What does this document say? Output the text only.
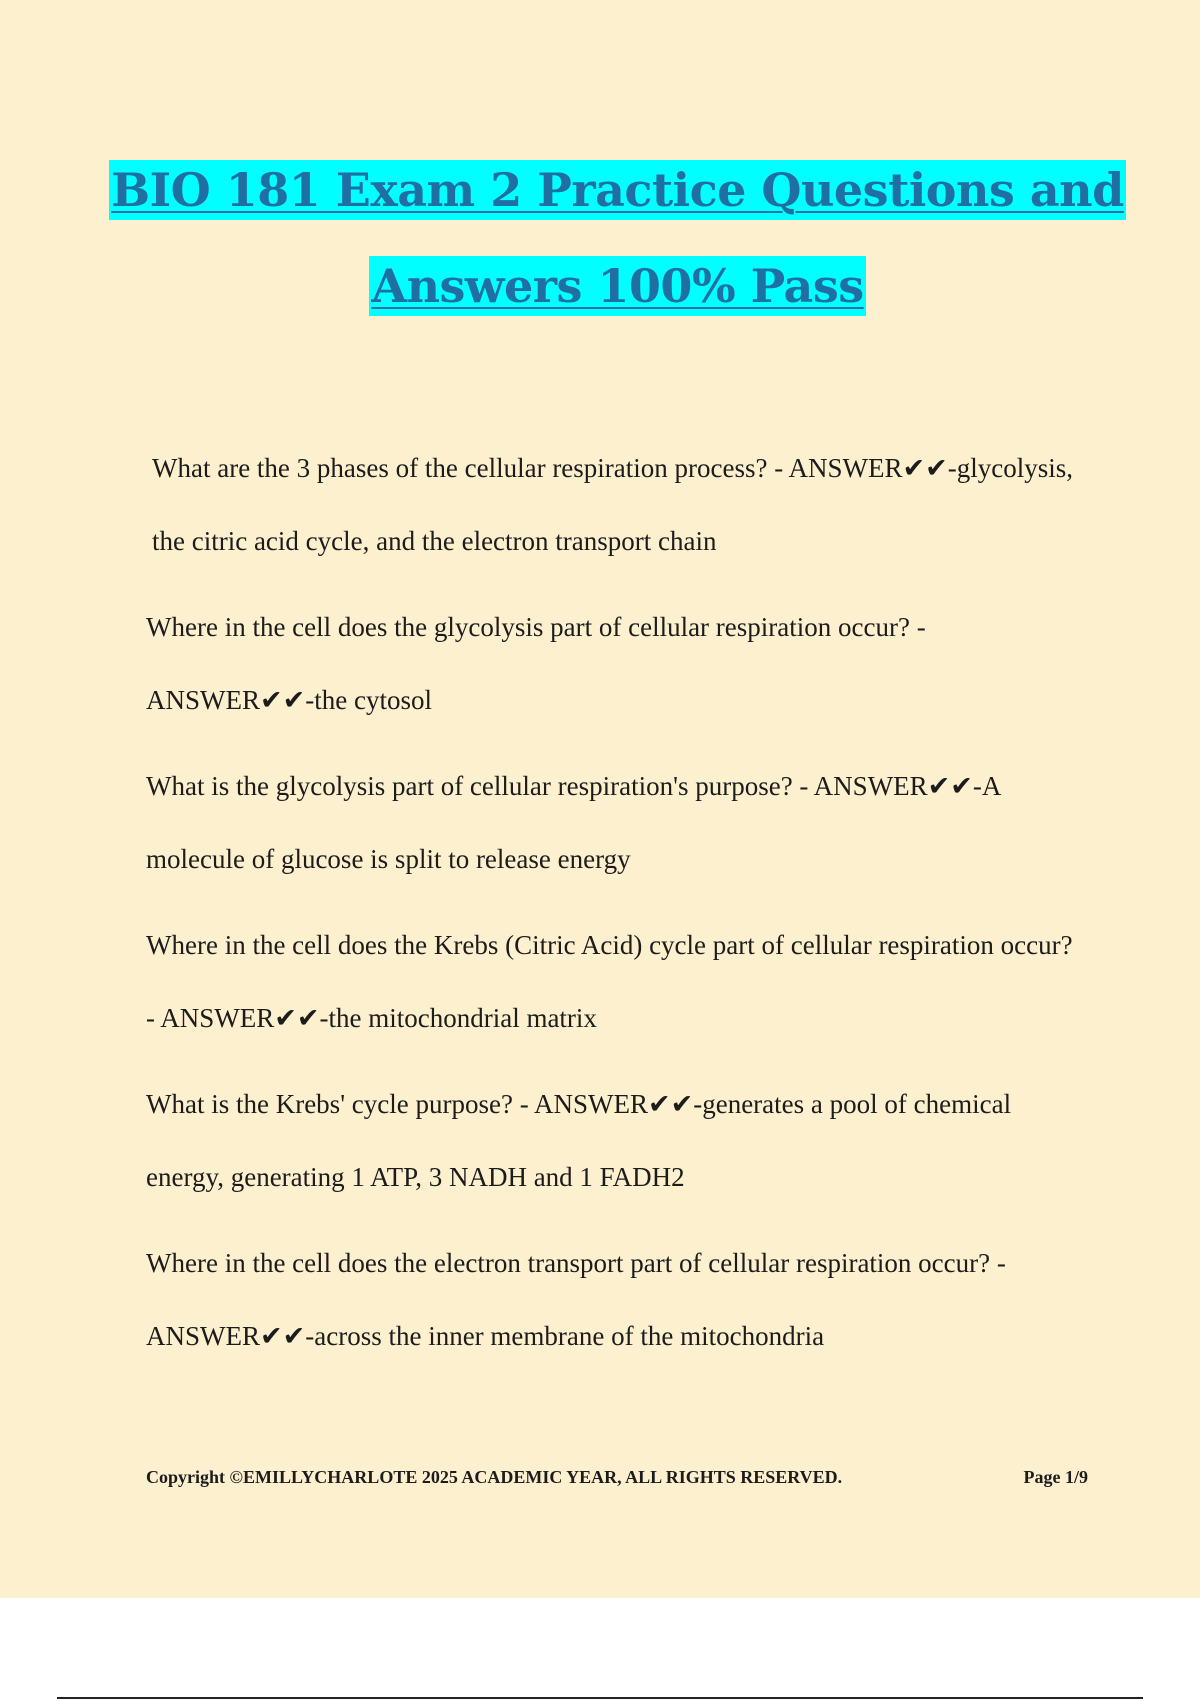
BIO 181 Exam 2 Practice Questions and
Answers 100% Pass
What are the 3 phases of the cellular respiration process? - ANSWER✔✔-glycolysis, the citric acid cycle, and the electron transport chain
Where in the cell does the glycolysis part of cellular respiration occur? - ANSWER✔✔-the cytosol
What is the glycolysis part of cellular respiration's purpose? - ANSWER✔✔-A molecule of glucose is split to release energy
Where in the cell does the Krebs (Citric Acid) cycle part of cellular respiration occur? - ANSWER✔✔-the mitochondrial matrix
What is the Krebs' cycle purpose? - ANSWER✔✔-generates a pool of chemical energy, generating 1 ATP, 3 NADH and 1 FADH2
Where in the cell does the electron transport part of cellular respiration occur? - ANSWER✔✔-across the inner membrane of the mitochondria
Copyright ©EMILLYCHARLOTE 2025 ACADEMIC YEAR, ALL RIGHTS RESERVED.	Page 1/9
